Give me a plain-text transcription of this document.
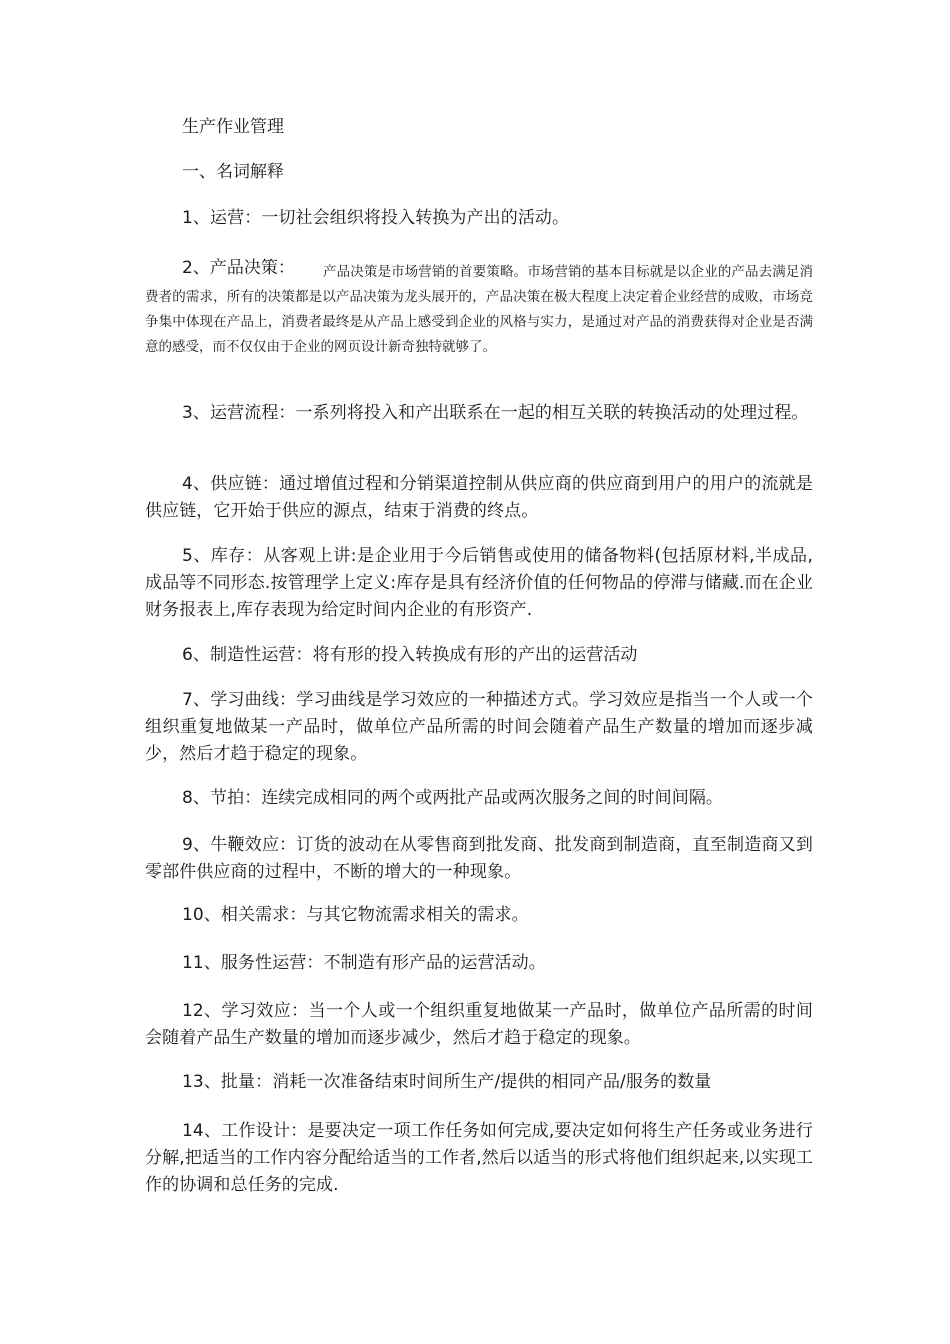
生产作业管理
一、名词解释
1、运营：一切社会组织将投入转换为产出的活动。
2、产品决策：	产品决策是市场营销的首要策略。市场营销的基本目标就是以企业的产品去满足消费者的需求，所有的决策都是以产品决策为龙头展开的，产品决策在极大程度上决定着企业经营的成败，市场竞争集中体现在产品上，消费者最终是从产品上感受到企业的风格与实力，是通过对产品的消费获得对企业是否满意的感受，而不仅仅由于企业的网页设计新奇独特就够了。
3、运营流程：一系列将投入和产出联系在一起的相互关联的转换活动的处理过程。
4、供应链：通过增值过程和分销渠道控制从供应商的供应商到用户的用户的流就是供应链，它开始于供应的源点，结束于消费的终点。
5、库存：从客观上讲:是企业用于今后销售或使用的储备物料(包括原材料,半成品,成品等不同形态.按管理学上定义:库存是具有经济价值的任何物品的停滞与储藏.而在企业财务报表上,库存表现为给定时间内企业的有形资产.
6、制造性运营：将有形的投入转换成有形的产出的运营活动
7、学习曲线：学习曲线是学习效应的一种描述方式。学习效应是指当一个人或一个组织重复地做某一产品时，做单位产品所需的时间会随着产品生产数量的增加而逐步减少，然后才趋于稳定的现象。
8、节拍：连续完成相同的两个或两批产品或两次服务之间的时间间隔。
9、牛鞭效应：订货的波动在从零售商到批发商、批发商到制造商，直至制造商又到零部件供应商的过程中，不断的增大的一种现象。
10、相关需求：与其它物流需求相关的需求。
11、服务性运营：不制造有形产品的运营活动。
12、学习效应：当一个人或一个组织重复地做某一产品时，做单位产品所需的时间会随着产品生产数量的增加而逐步减少，然后才趋于稳定的现象。
13、批量：消耗一次准备结束时间所生产/提供的相同产品/服务的数量
14、工作设计：是要决定一项工作任务如何完成,要决定如何将生产任务或业务进行分解,把适当的工作内容分配给适当的工作者,然后以适当的形式将他们组织起来,以实现工作的协调和总任务的完成.
